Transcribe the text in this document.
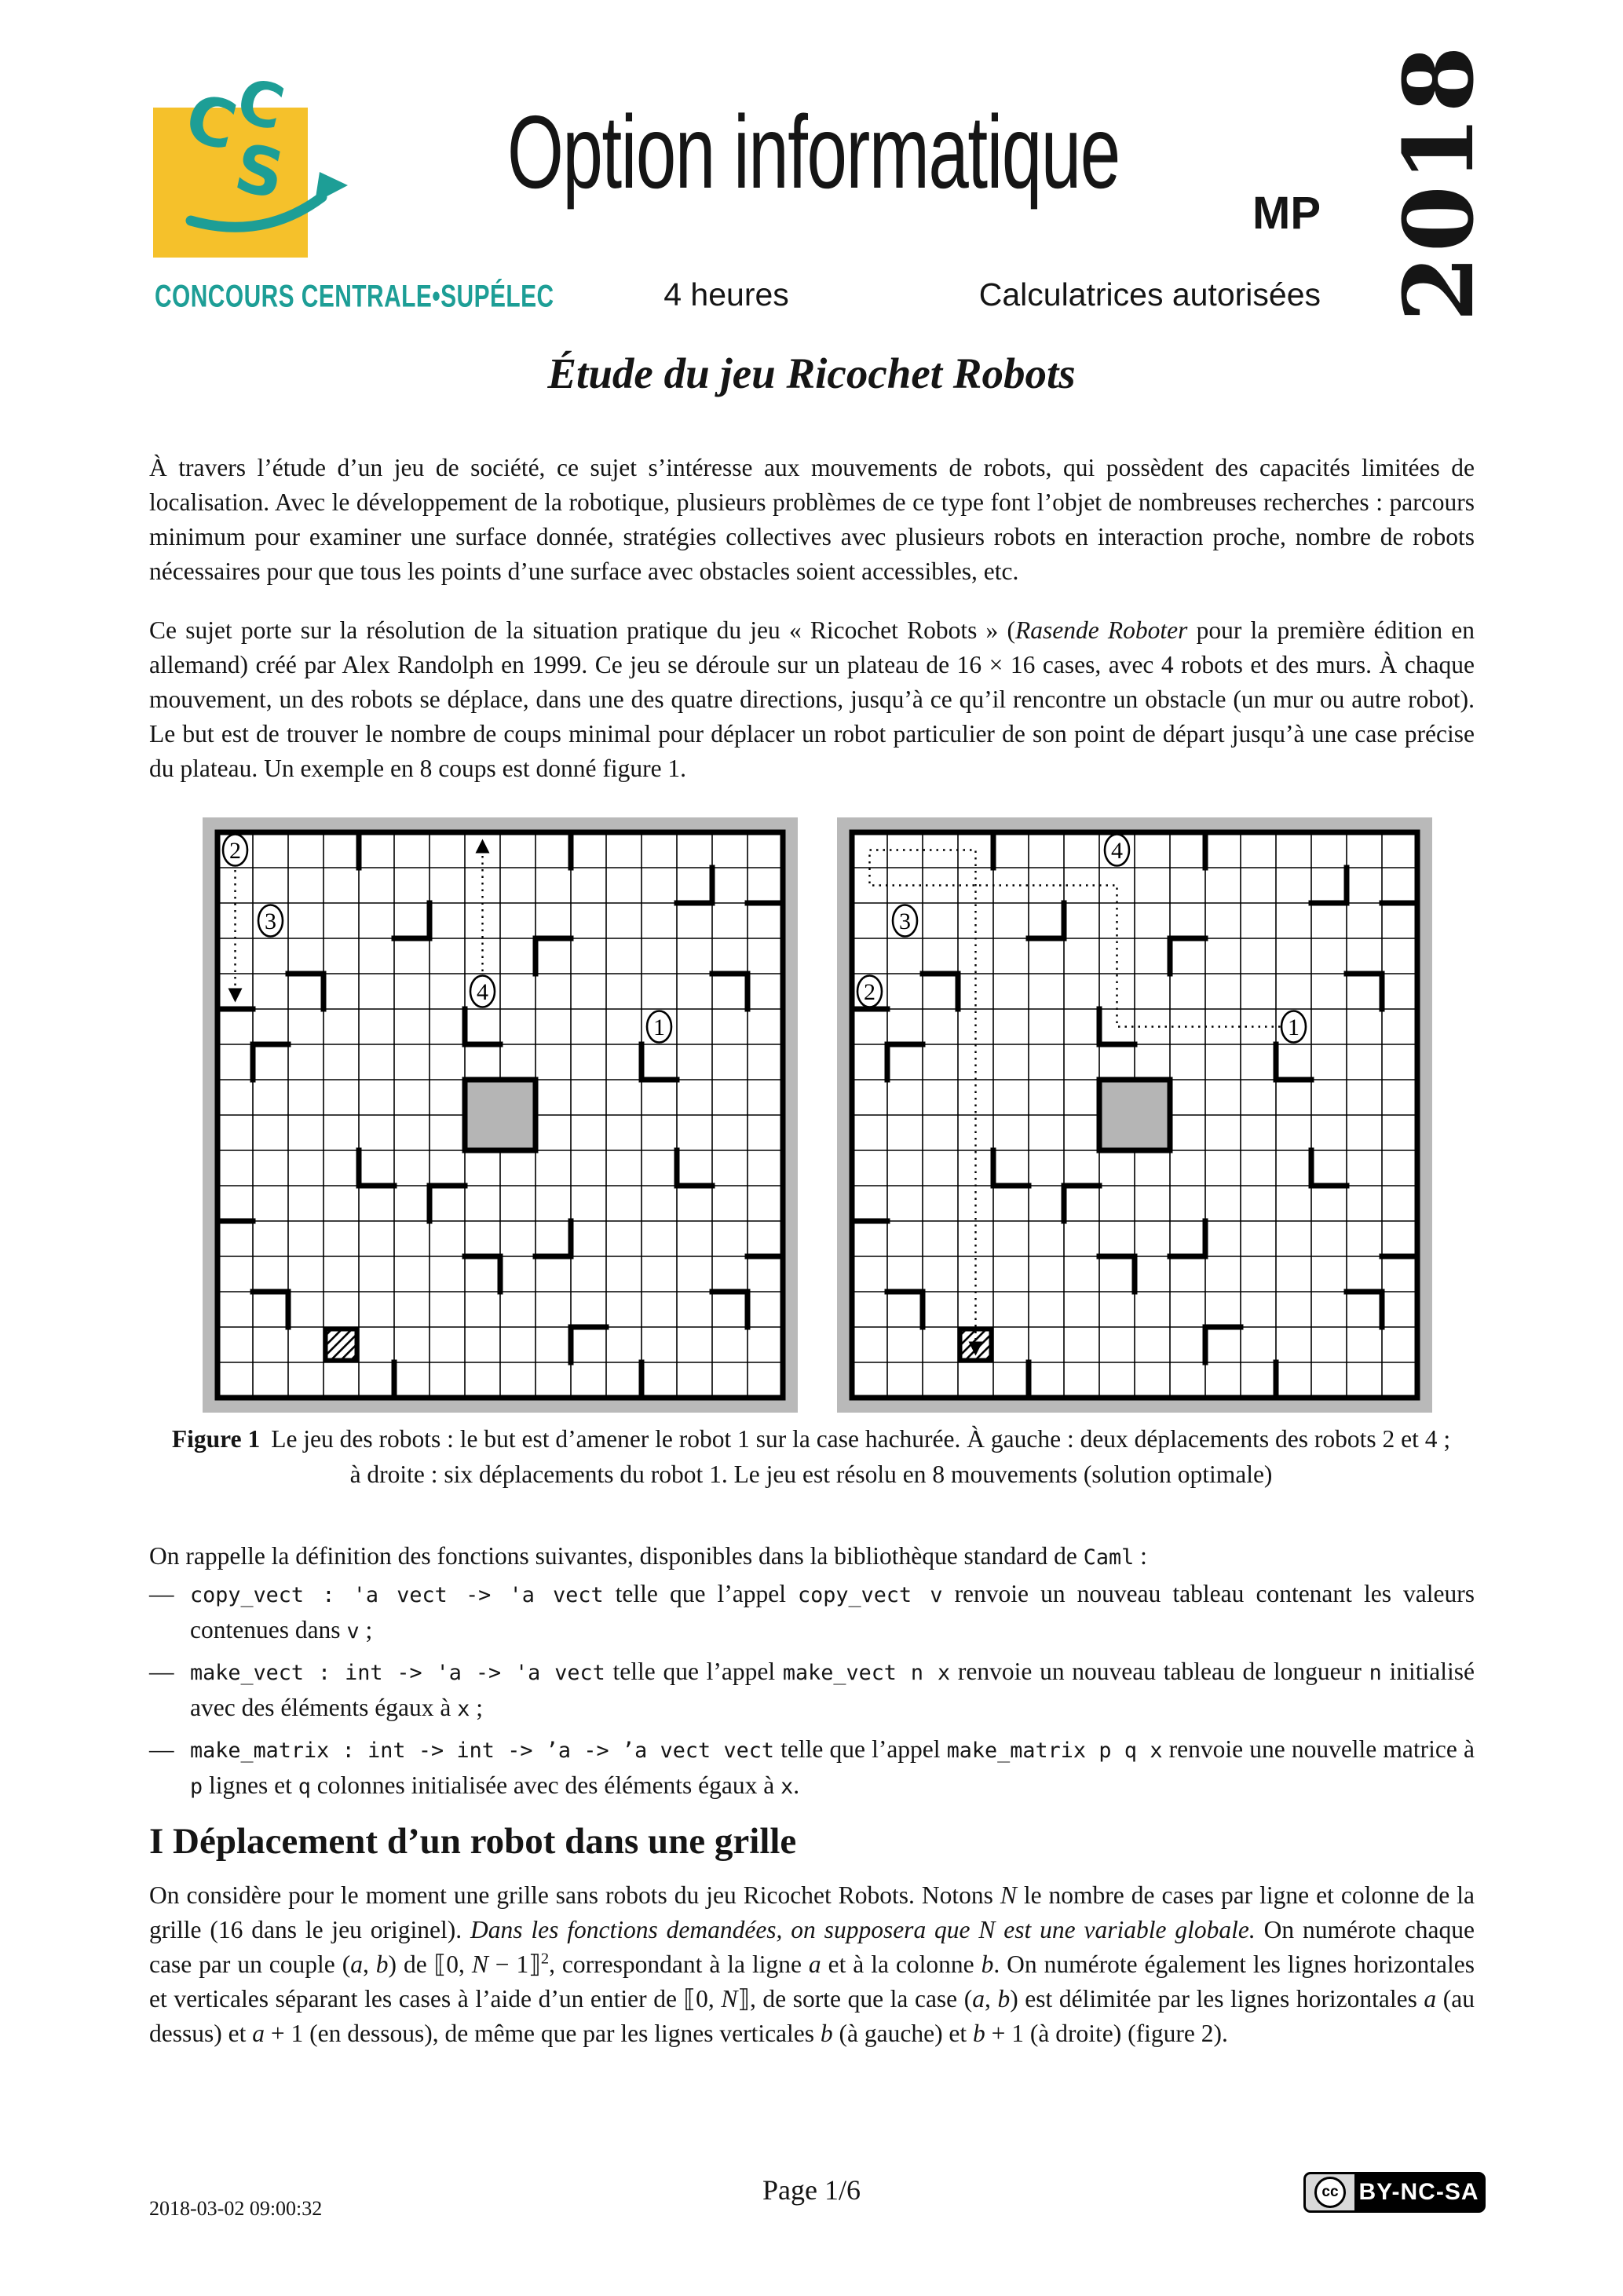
C
C
S
CONCOURS CENTRALE•SUPÉLEC
Option informatique
MP 2018
4 heures	Calculatrices autorisées
Étude du jeu Ricochet Robots
À travers l’étude d’un jeu de société, ce sujet s’intéresse aux mouvements de robots, qui possèdent des capacités limitées de localisation. Avec le développement de la robotique, plusieurs problèmes de ce type font l’objet de nombreuses recherches : parcours minimum pour examiner une surface donnée, stratégies collectives avec plusieurs robots en interaction proche, nombre de robots nécessaires pour que tous les points d’une surface avec obstacles soient accessibles, etc.
Ce sujet porte sur la résolution de la situation pratique du jeu « Ricochet Robots » (Rasende Roboter pour la première édition en allemand) créé par Alex Randolph en 1999. Ce jeu se déroule sur un plateau de 16 × 16 cases, avec 4 robots et des murs. À chaque mouvement, un des robots se déplace, dans une des quatre directions, jusqu’à ce qu’il rencontre un obstacle (un mur ou autre robot). Le but est de trouver le nombre de coups minimal pour déplacer un robot particulier de son point de départ jusqu’à une case précise du plateau. Un exemple en 8 coups est donné figure 1.
2
3
4
1
4
3
2
1
Figure 1 Le jeu des robots : le but est d’amener le robot 1 sur la case hachurée. À gauche : deux déplacements des robots 2 et 4 ; à droite : six déplacements du robot 1. Le jeu est résolu en 8 mouvements (solution optimale)
On rappelle la définition des fonctions suivantes, disponibles dans la bibliothèque standard de Caml :
— copy_vect : 'a vect -> 'a vect telle que l’appel copy_vect v renvoie un nouveau tableau contenant les valeurs contenues dans v ;
— make_vect : int -> 'a -> 'a vect telle que l’appel make_vect n x renvoie un nouveau tableau de longueur n initialisé avec des éléments égaux à x ;
— make_matrix : int -> int -> ’a -> ’a vect vect telle que l’appel make_matrix p q x renvoie une nouvelle matrice à p lignes et q colonnes initialisée avec des éléments égaux à x.
I Déplacement d’un robot dans une grille
On considère pour le moment une grille sans robots du jeu Ricochet Robots. Notons N le nombre de cases par ligne et colonne de la grille (16 dans le jeu originel). Dans les fonctions demandées, on supposera que N est une variable globale. On numérote chaque case par un couple (a, b) de ⟦0, N − 1⟧$^2$, correspondant à la ligne a et à la colonne b. On numérote également les lignes horizontales et verticales séparant les cases à l’aide d’un entier de ⟦0, N⟧, de sorte que la case (a, b) est délimitée par les lignes horizontales a (au dessus) et a + 1 (en dessous), de même que par les lignes verticales b (à gauche) et b + 1 (à droite) (figure 2).
2018-03-02 09:00:32
Page 1/6	cc BY-NC-SA
